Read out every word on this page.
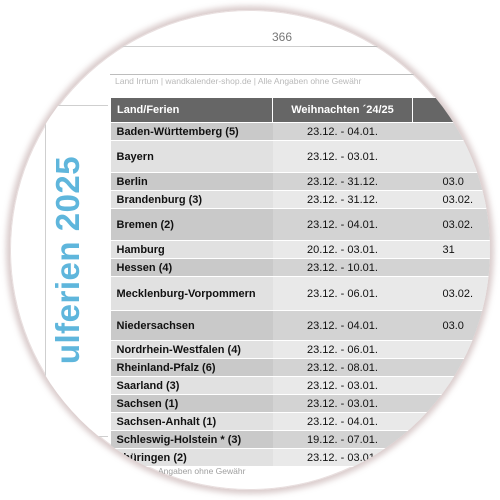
366
Land Irrtum | wandkalender-shop.de | Alle Angaben ohne Gewähr
ulferien 2025
Land/Ferien	Weihnachten ´24/25	
Baden-Württemberg (5)	23.12. - 04.01.	
Bayern	23.12. - 03.01.	
Berlin	23.12. - 31.12.	03.0
Brandenburg (3)	23.12. - 31.12.	03.02.
Bremen (2)	23.12. - 04.01.	03.02.
Hamburg	20.12. - 03.01.	31
Hessen (4)	23.12. - 10.01.	
Mecklenburg-Vorpommern	23.12. - 06.01.	03.02.
Niedersachsen	23.12. - 04.01.	03.0
Nordrhein-Westfalen (4)	23.12. - 06.01.	
Rheinland-Pfalz (6)	23.12. - 08.01.	
Saarland (3)	23.12. - 03.01.	
Sachsen (1)	23.12. - 03.01.	
Sachsen-Anhalt (1)	23.12. - 04.01.	
Schleswig-Holstein * (3)	19.12. - 07.01.	
Thüringen (2)	23.12. - 03.01.	
Angaben ohne Gewähr
